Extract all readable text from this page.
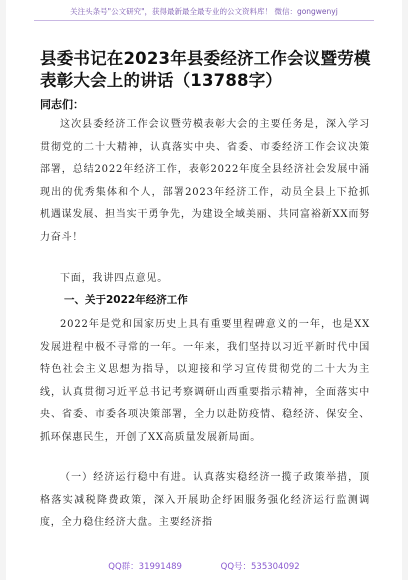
关注头条号"公文研究"，获得最新最全最专业的公文资料库！ 微信：gongwenyj
县委书记在2023年县委经济工作会议暨劳模表彰大会上的讲话（13788字）
同志们：
这次县委经济工作会议暨劳模表彰大会的主要任务是，深入学习贯彻党的二十大精神，认真落实中央、省委、市委经济工作会议决策部署，总结2022年经济工作，表彰2022年度全县经济社会发展中涌现出的优秀集体和个人，部署2023年经济工作，动员全县上下抢抓机遇谋发展、担当实干勇争先，为建设全域美丽、共同富裕新XX而努力奋斗！
下面，我讲四点意见。
一、关于2022年经济工作
2022年是党和国家历史上具有重要里程碑意义的一年，也是XX发展进程中极不寻常的一年。一年来，我们坚持以习近平新时代中国特色社会主义思想为指导，以迎接和学习宣传贯彻党的二十大为主线，认真贯彻习近平总书记考察调研山西重要指示精神，全面落实中央、省委、市委各项决策部署，全力以赴防疫情、稳经济、保安全、抓环保惠民生，开创了XX高质量发展新局面。
（一）经济运行稳中有进。认真落实稳经济一揽子政策举措，顶格落实减税降费政策，深入开展助企纾困服务强化经济运行监测调度，全力稳住经济大盘。主要经济指
QQ群：31991489	QQ号：535304092
